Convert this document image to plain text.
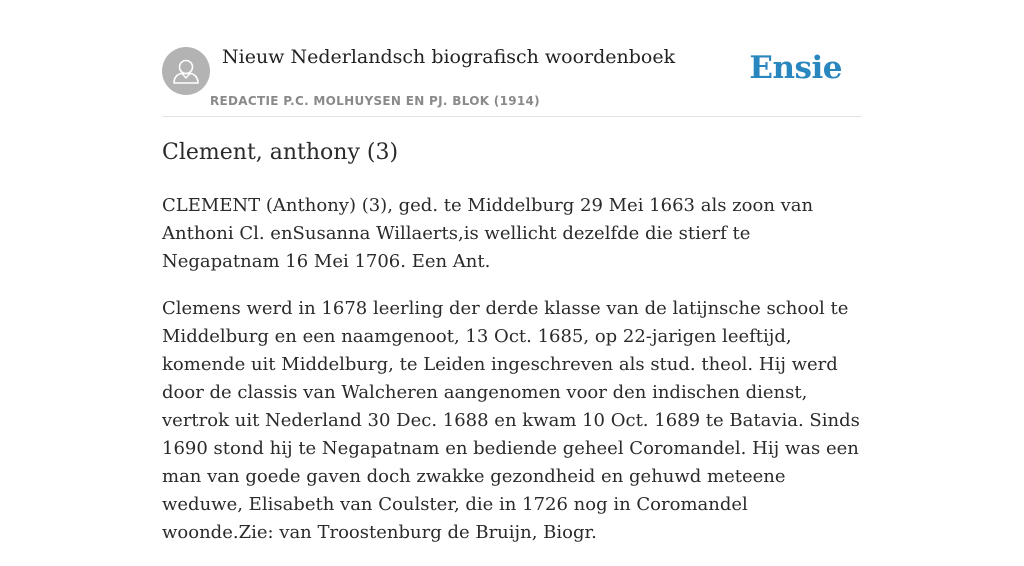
Nieuw Nederlandsch biografisch woordenboek
REDACTIE P.C. MOLHUYSEN EN PJ. BLOK (1914)
Ensie
Clement, anthony (3)

CLEMENT (Anthony) (3), ged. te Middelburg 29 Mei 1663 als zoon van Anthoni Cl. enSusanna Willaerts,is wellicht dezelfde die stierf te Negapatnam 16 Mei 1706. Een Ant.

Clemens werd in 1678 leerling der derde klasse van de latijnsche school te Middelburg en een naamgenoot, 13 Oct. 1685, op 22-jarigen leeftijd, komende uit Middelburg, te Leiden ingeschreven als stud. theol. Hij werd door de classis van Walcheren aangenomen voor den indischen dienst, vertrok uit Nederland 30 Dec. 1688 en kwam 10 Oct. 1689 te Batavia. Sinds 1690 stond hij te Negapatnam en bediende geheel Coromandel. Hij was een man van goede gaven doch zwakke gezondheid en gehuwd meteene weduwe, Elisabeth van Coulster, die in 1726 nog in Coromandel woonde.Zie: van Troostenburg de Bruijn, Biogr.
